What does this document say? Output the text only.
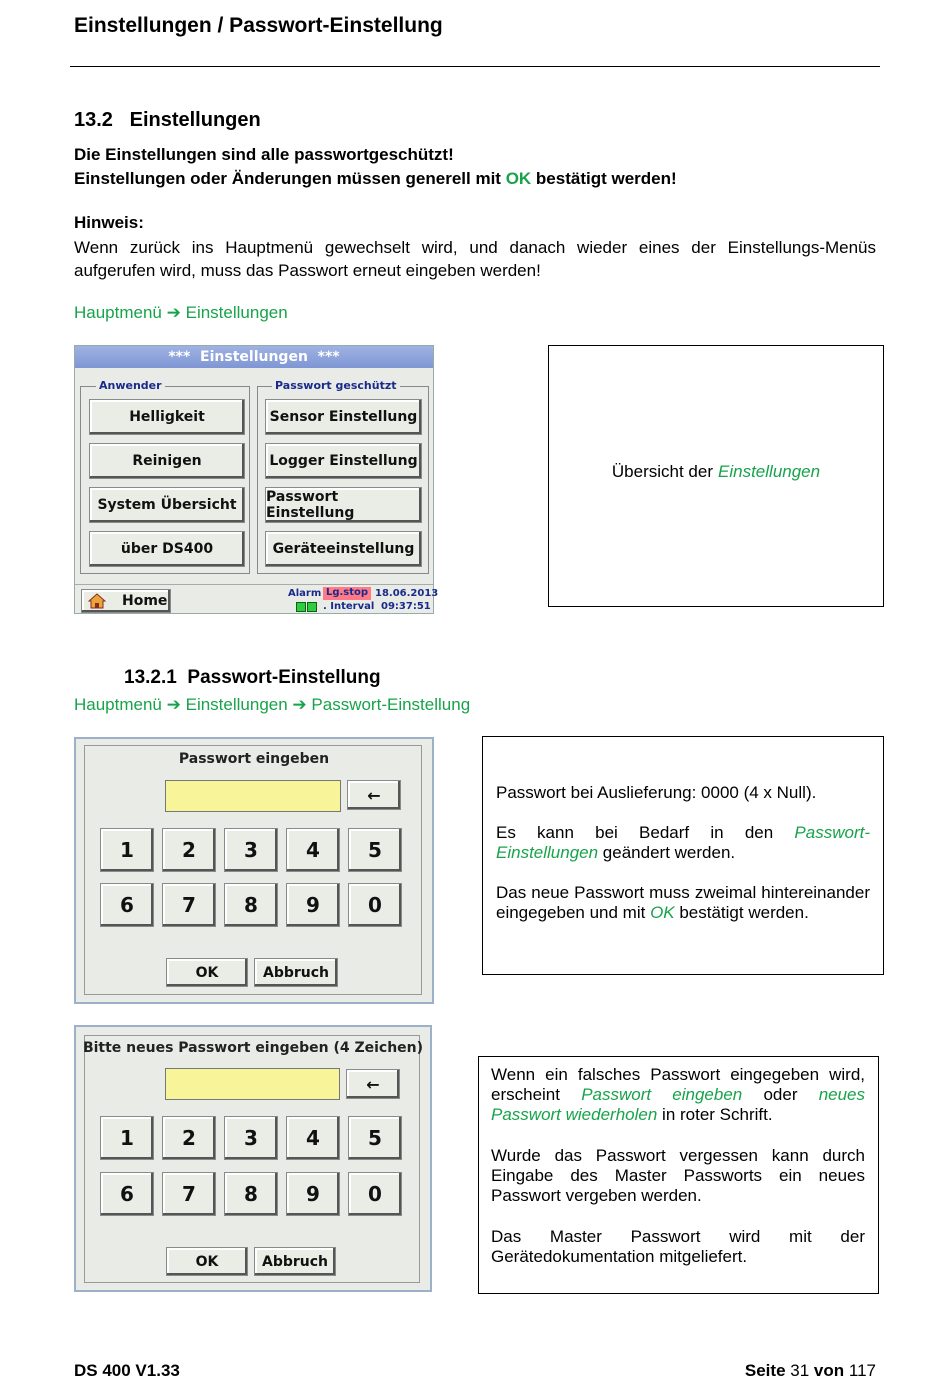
Einstellungen / Passwort-Einstellung
13.2 Einstellungen
Die Einstellungen sind alle passwortgeschützt!
Einstellungen oder Änderungen müssen generell mit OK bestätigt werden!
Hinweis:
Wenn zurück ins Hauptmenü gewechselt wird, und danach wieder eines der Einstellungs-Menüs aufgerufen wird, muss das Passwort erneut eingeben werden!
Hauptmenü ➔ Einstellungen
***  Einstellungen  ***
Anwender	Passwort geschützt
Helligkeit
Reinigen
System Übersicht
über DS400
Sensor Einstellung
Logger Einstellung
Passwort Einstellung
Geräteeinstellung
Home	Alarm Lg.stop
. Interval
18.06.2013
09:37:51
Übersicht der Einstellungen
13.2.1 Passwort-Einstellung
Hauptmenü ➔ Einstellungen ➔ Passwort-Einstellung
Passwort eingeben
←
1	2	3	4	5
6	7	8	9	0
OK	Abbruch
Passwort bei Auslieferung: 0000 (4 x Null).
Es kann bei Bedarf in den Passwort-Einstellungen geändert werden.
Das neue Passwort muss zweimal hintereinander eingegeben und mit OK bestätigt werden.
Bitte neues Passwort eingeben (4 Zeichen)
←
1	2	3	4	5
6	7	8	9	0
OK	Abbruch
Wenn ein falsches Passwort eingegeben wird, erscheint Passwort eingeben oder neues Passwort wiederholen in roter Schrift.
Wurde das Passwort vergessen kann durch Eingabe des Master Passworts ein neues Passwort vergeben werden.
Das Master Passwort wird mit der Gerätedokumentation mitgeliefert.
DS 400 V1.33	Seite 31 von 117
